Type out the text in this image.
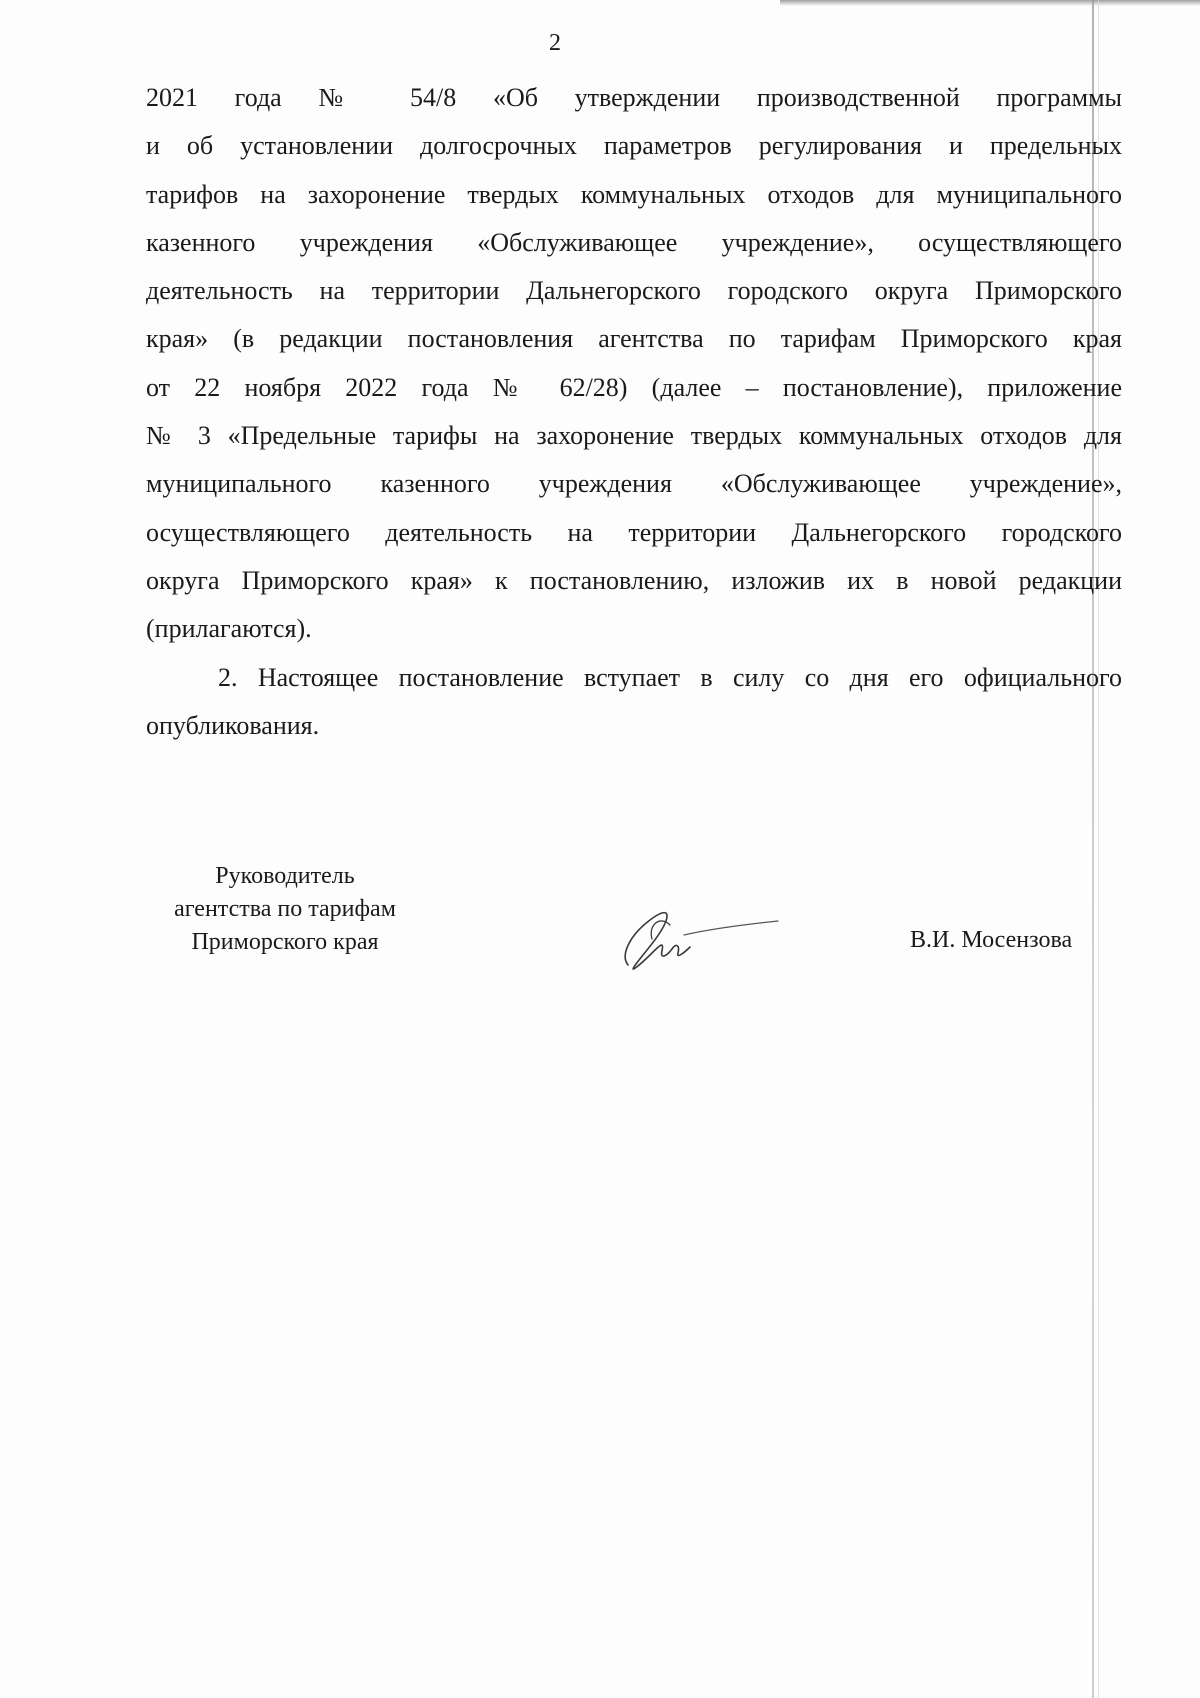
2
2021 года № 54/8 «Об утверждении производственной программы
и об установлении долгосрочных параметров регулирования и предельных
тарифов на захоронение твердых коммунальных отходов для муниципального
казенного учреждения «Обслуживающее учреждение», осуществляющего
деятельность на территории Дальнегорского городского округа Приморского
края» (в редакции постановления агентства по тарифам Приморского края
от 22 ноября 2022 года № 62/28) (далее – постановление), приложение
№ 3 «Предельные тарифы на захоронение твердых коммунальных отходов для
муниципального казенного учреждения «Обслуживающее учреждение»,
осуществляющего деятельность на территории Дальнегорского городского
округа Приморского края» к постановлению, изложив их в новой редакции
(прилагаются).
2. Настоящее постановление вступает в силу со дня его официального
опубликования.
Руководитель
агентства по тарифам
Приморского края	В.И. Мосензова
